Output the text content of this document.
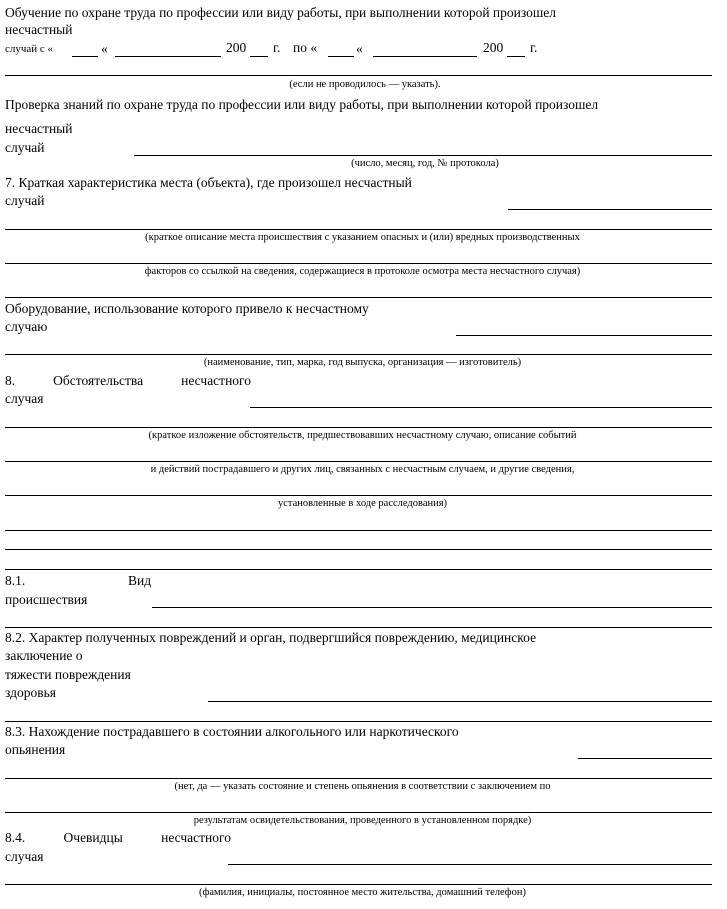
Обучение по охране труда по профессии или виду работы, при выполнении которой произошел
несчастный
случай с «	«	200 г. по «	«	200 г.
(если не проводилось — указать).
Проверка знаний по охране труда по профессии или виду работы, при выполнении которой произошел
несчастный
случай
(число, месяц, год, № протокола)
7. Краткая характеристика места (объекта), где произошел несчастный
случай
(краткое описание места происшествия с указанием опасных и (или) вредных производственных
факторов со ссылкой на сведения, содержащиеся в протоколе осмотра места несчастного случая)
Оборудование, использование которого привело к несчастному
случаю
(наименование, тип, марка, год выпуска, организация — изготовитель)
8.	Обстоятельства	несчастного
случая
(краткое изложение обстоятельств, предшествовавших несчастному случаю, описание событий
и действий пострадавшего и других лиц, связанных с несчастным случаем, и другие сведения,
установленные в ходе расследования)
8.1.	Вид
происшествия
8.2. Характер полученных повреждений и орган, подвергшийся повреждению, медицинское
заключение о
тяжести повреждения
здоровья
8.3. Нахождение пострадавшего в состоянии алкогольного или наркотического
опьянения
(нет, да — указать состояние и степень опьянения в соответствии с заключением по
результатам освидетельствования, проведенного в установленном порядке)
8.4.	Очевидцы	несчастного
случая
(фамилия, инициалы, постоянное место жительства, домашний телефон)
